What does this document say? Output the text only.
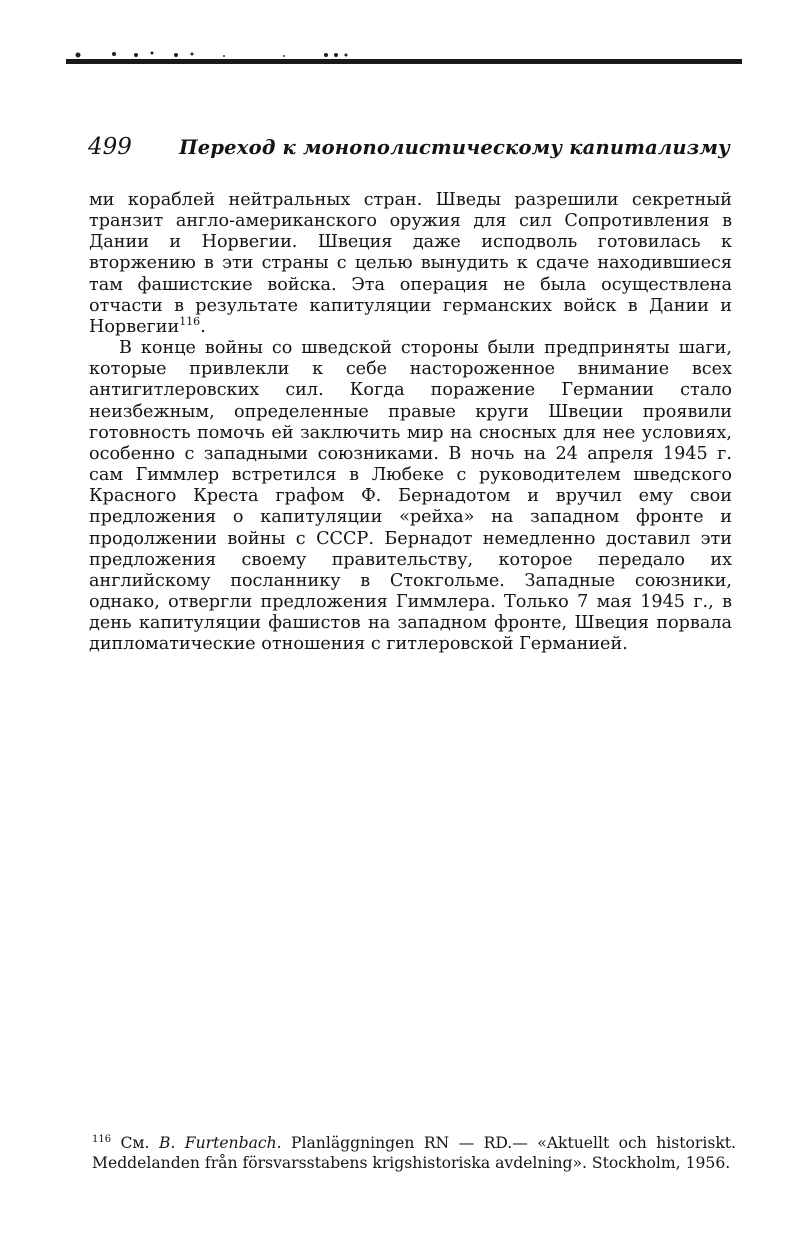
499 Переход к монополистическому капитализму

ми кораблей нейтральных стран. Шведы разрешили секретный транзит англо-американского оружия для сил Сопротивления в Дании и Норвегии. Швеция даже исподволь готовилась к вторжению в эти страны с целью вынудить к сдаче находившиеся там фашистские войска. Эта операция не была осуществлена отчасти в результате капитуляции германских войск в Дании и Норвегии$^{116}$.

В конце войны со шведской стороны были предприняты шаги, которые привлекли к себе настороженное внимание всех антигитлеровских сил. Когда поражение Германии стало неизбежным, определенные правые круги Швеции проявили готовность помочь ей заключить мир на сносных для нее условиях, особенно с западными союзниками. В ночь на 24 апреля 1945 г. сам Гиммлер встретился в Любеке с руководителем шведского Красного Креста графом Ф. Бернадотом и вручил ему свои предложения о капитуляции «рейха» на западном фронте и продолжении войны с СССР. Бернадот немедленно доставил эти предложения своему правительству, которое передало их английскому посланнику в Стокгольме. Западные союзники, однако, отвергли предложения Гиммлера. Только 7 мая 1945 г., в день капитуляции фашистов на западном фронте, Швеция порвала дипломатические отношения с гитлеровской Германией.

$^{116}$ См. B. Furtenbach. Planläggningen RN — RD.— «Aktuellt och historiskt. Meddelanden från försvarsstabens krigshistoriska avdelning». Stockholm, 1956.
